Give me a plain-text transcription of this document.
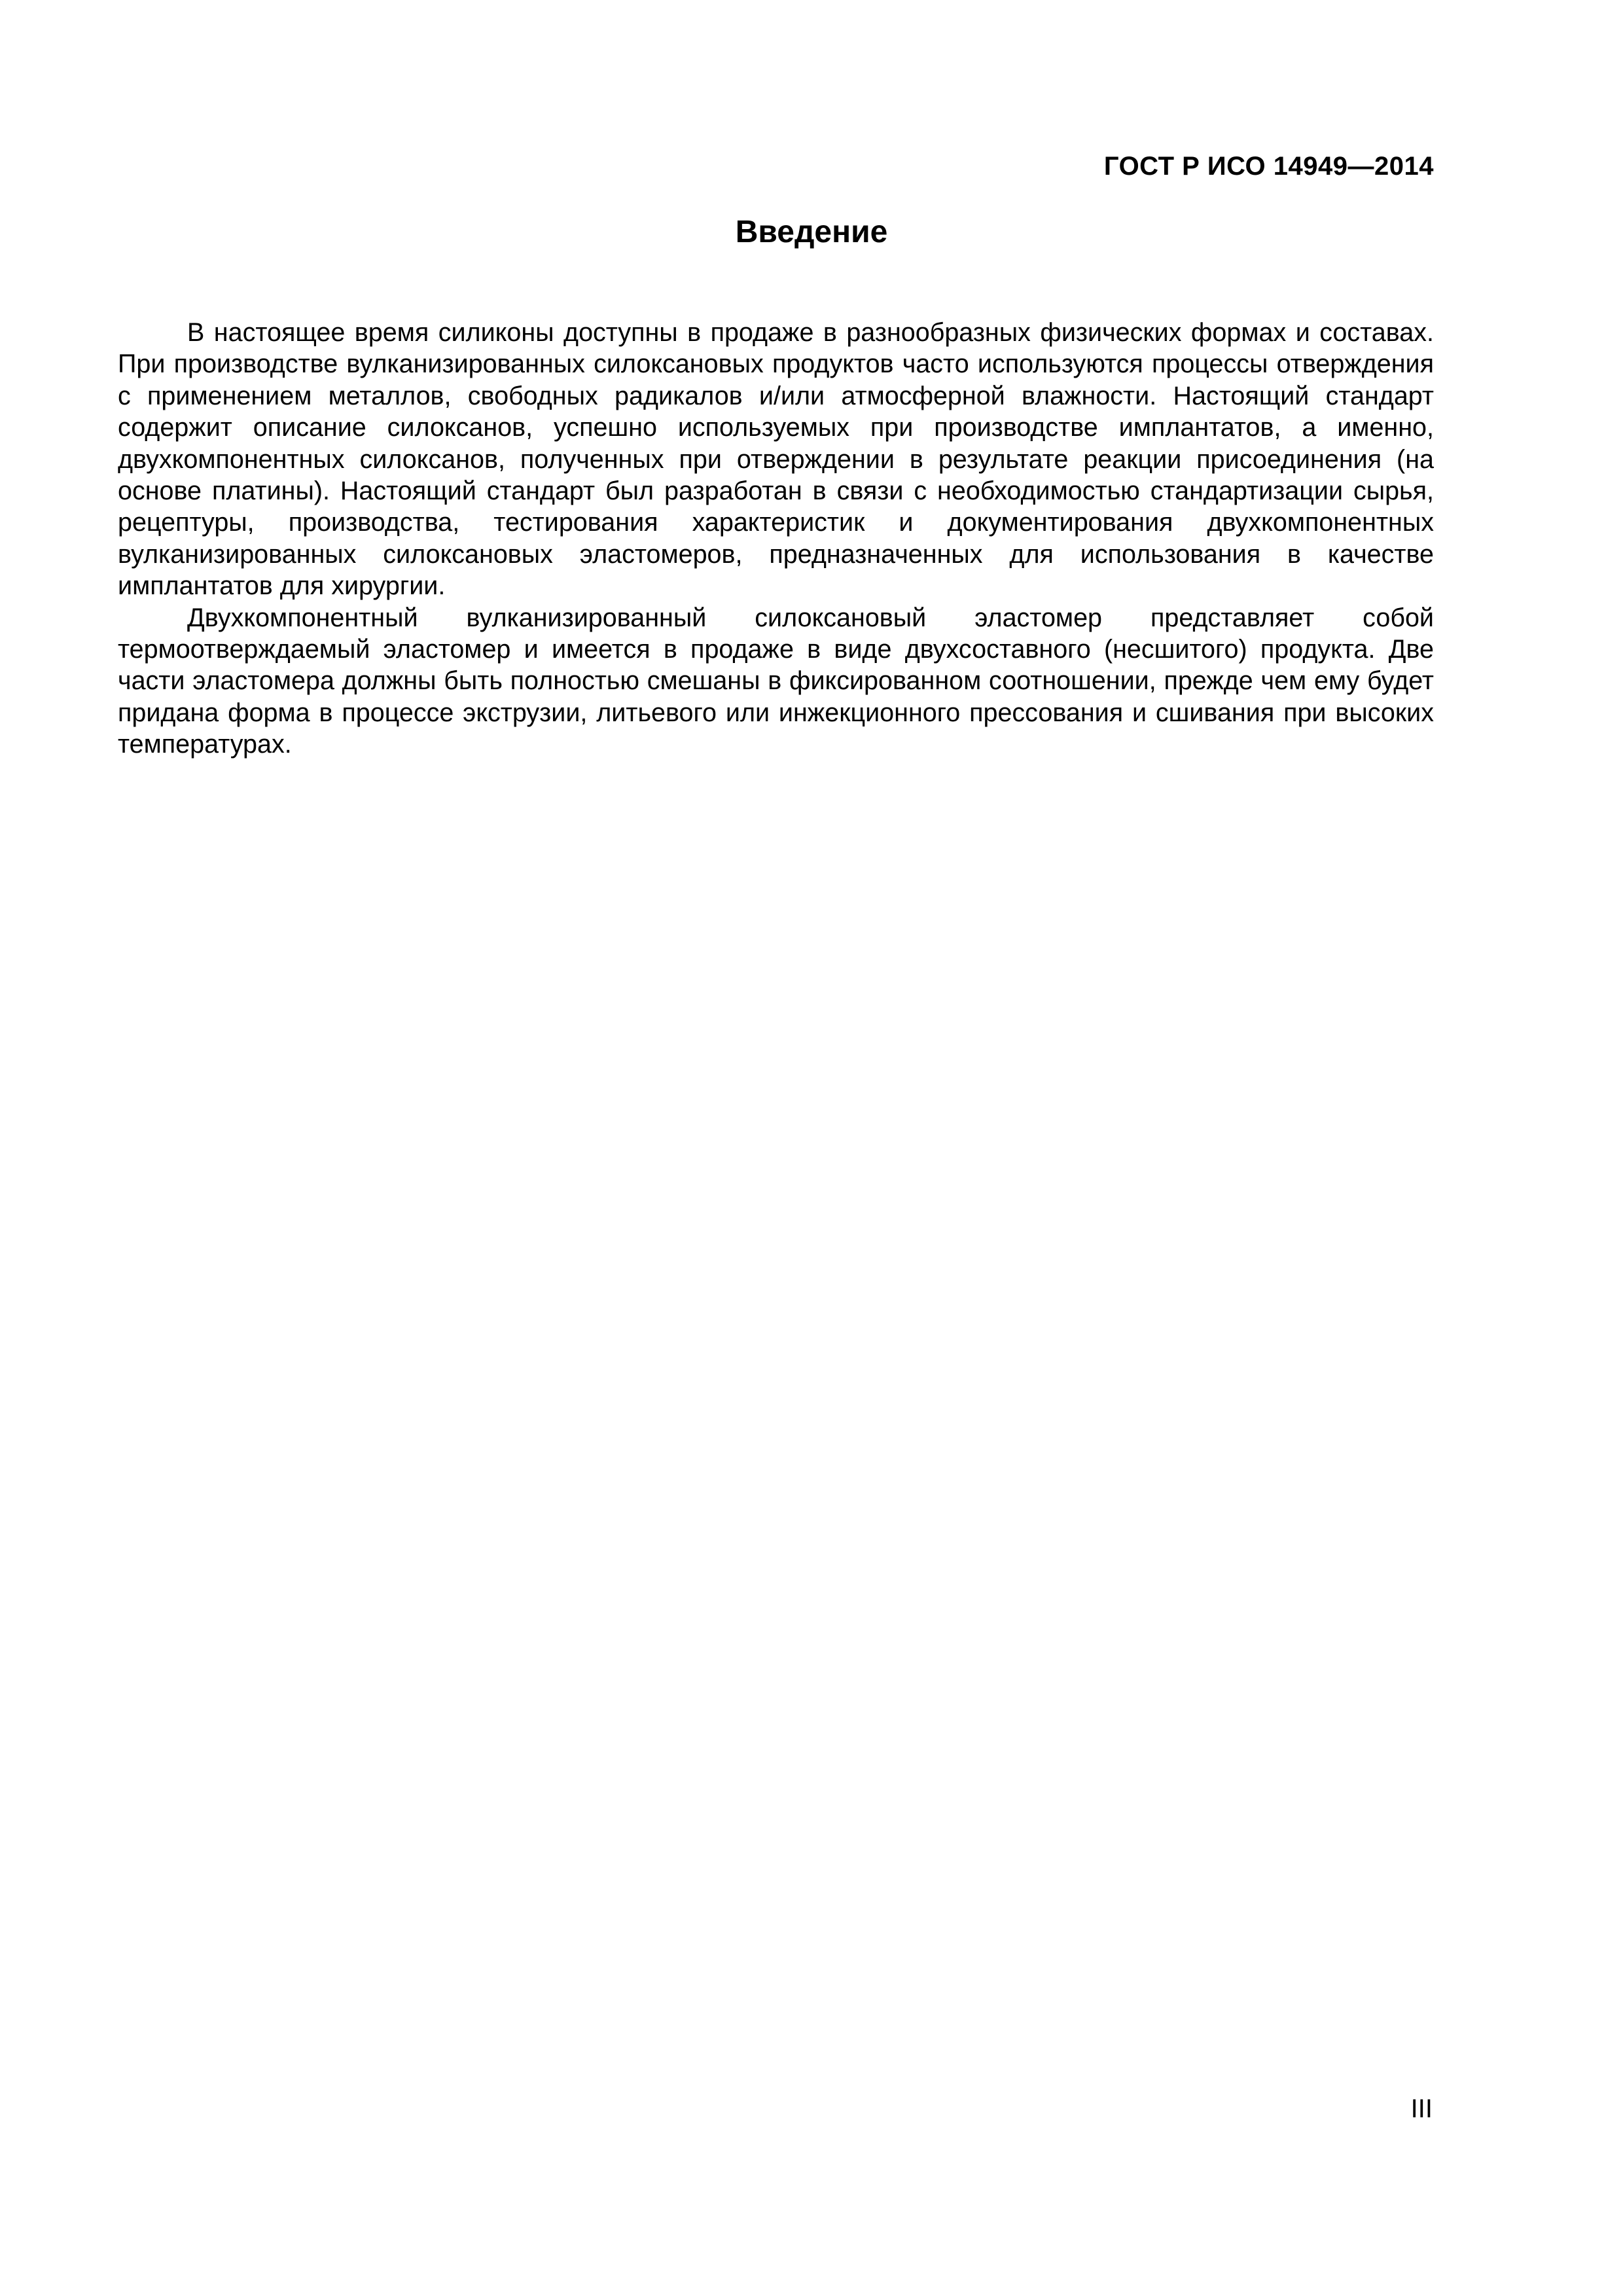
ГОСТ Р ИСО 14949—2014
Введение

В настоящее время силиконы доступны в продаже в разнообразных физических формах и составах. При производстве вулканизированных силоксановых продуктов часто используются процессы отверждения с применением металлов, свободных радикалов и/или атмосферной влажности. Настоящий стандарт содержит описание силоксанов, успешно используемых при производстве имплантатов, а именно, двухкомпонентных силоксанов, полученных при отверждении в результате реакции присоединения (на основе платины). Настоящий стандарт был разработан в связи с необходимостью стандартизации сырья, рецептуры, производства, тестирования характеристик и документирования двухкомпонентных вулканизированных силоксановых эластомеров, предназначенных для использования в качестве имплантатов для хирургии.

Двухкомпонентный вулканизированный силоксановый эластомер представляет собой термоотверждаемый эластомер и имеется в продаже в виде двухсоставного (несшитого) продукта. Две части эластомера должны быть полностью смешаны в фиксированном соотношении, прежде чем ему будет придана форма в процессе экструзии, литьевого или инжекционного прессования и сшивания при высоких температурах.

III
